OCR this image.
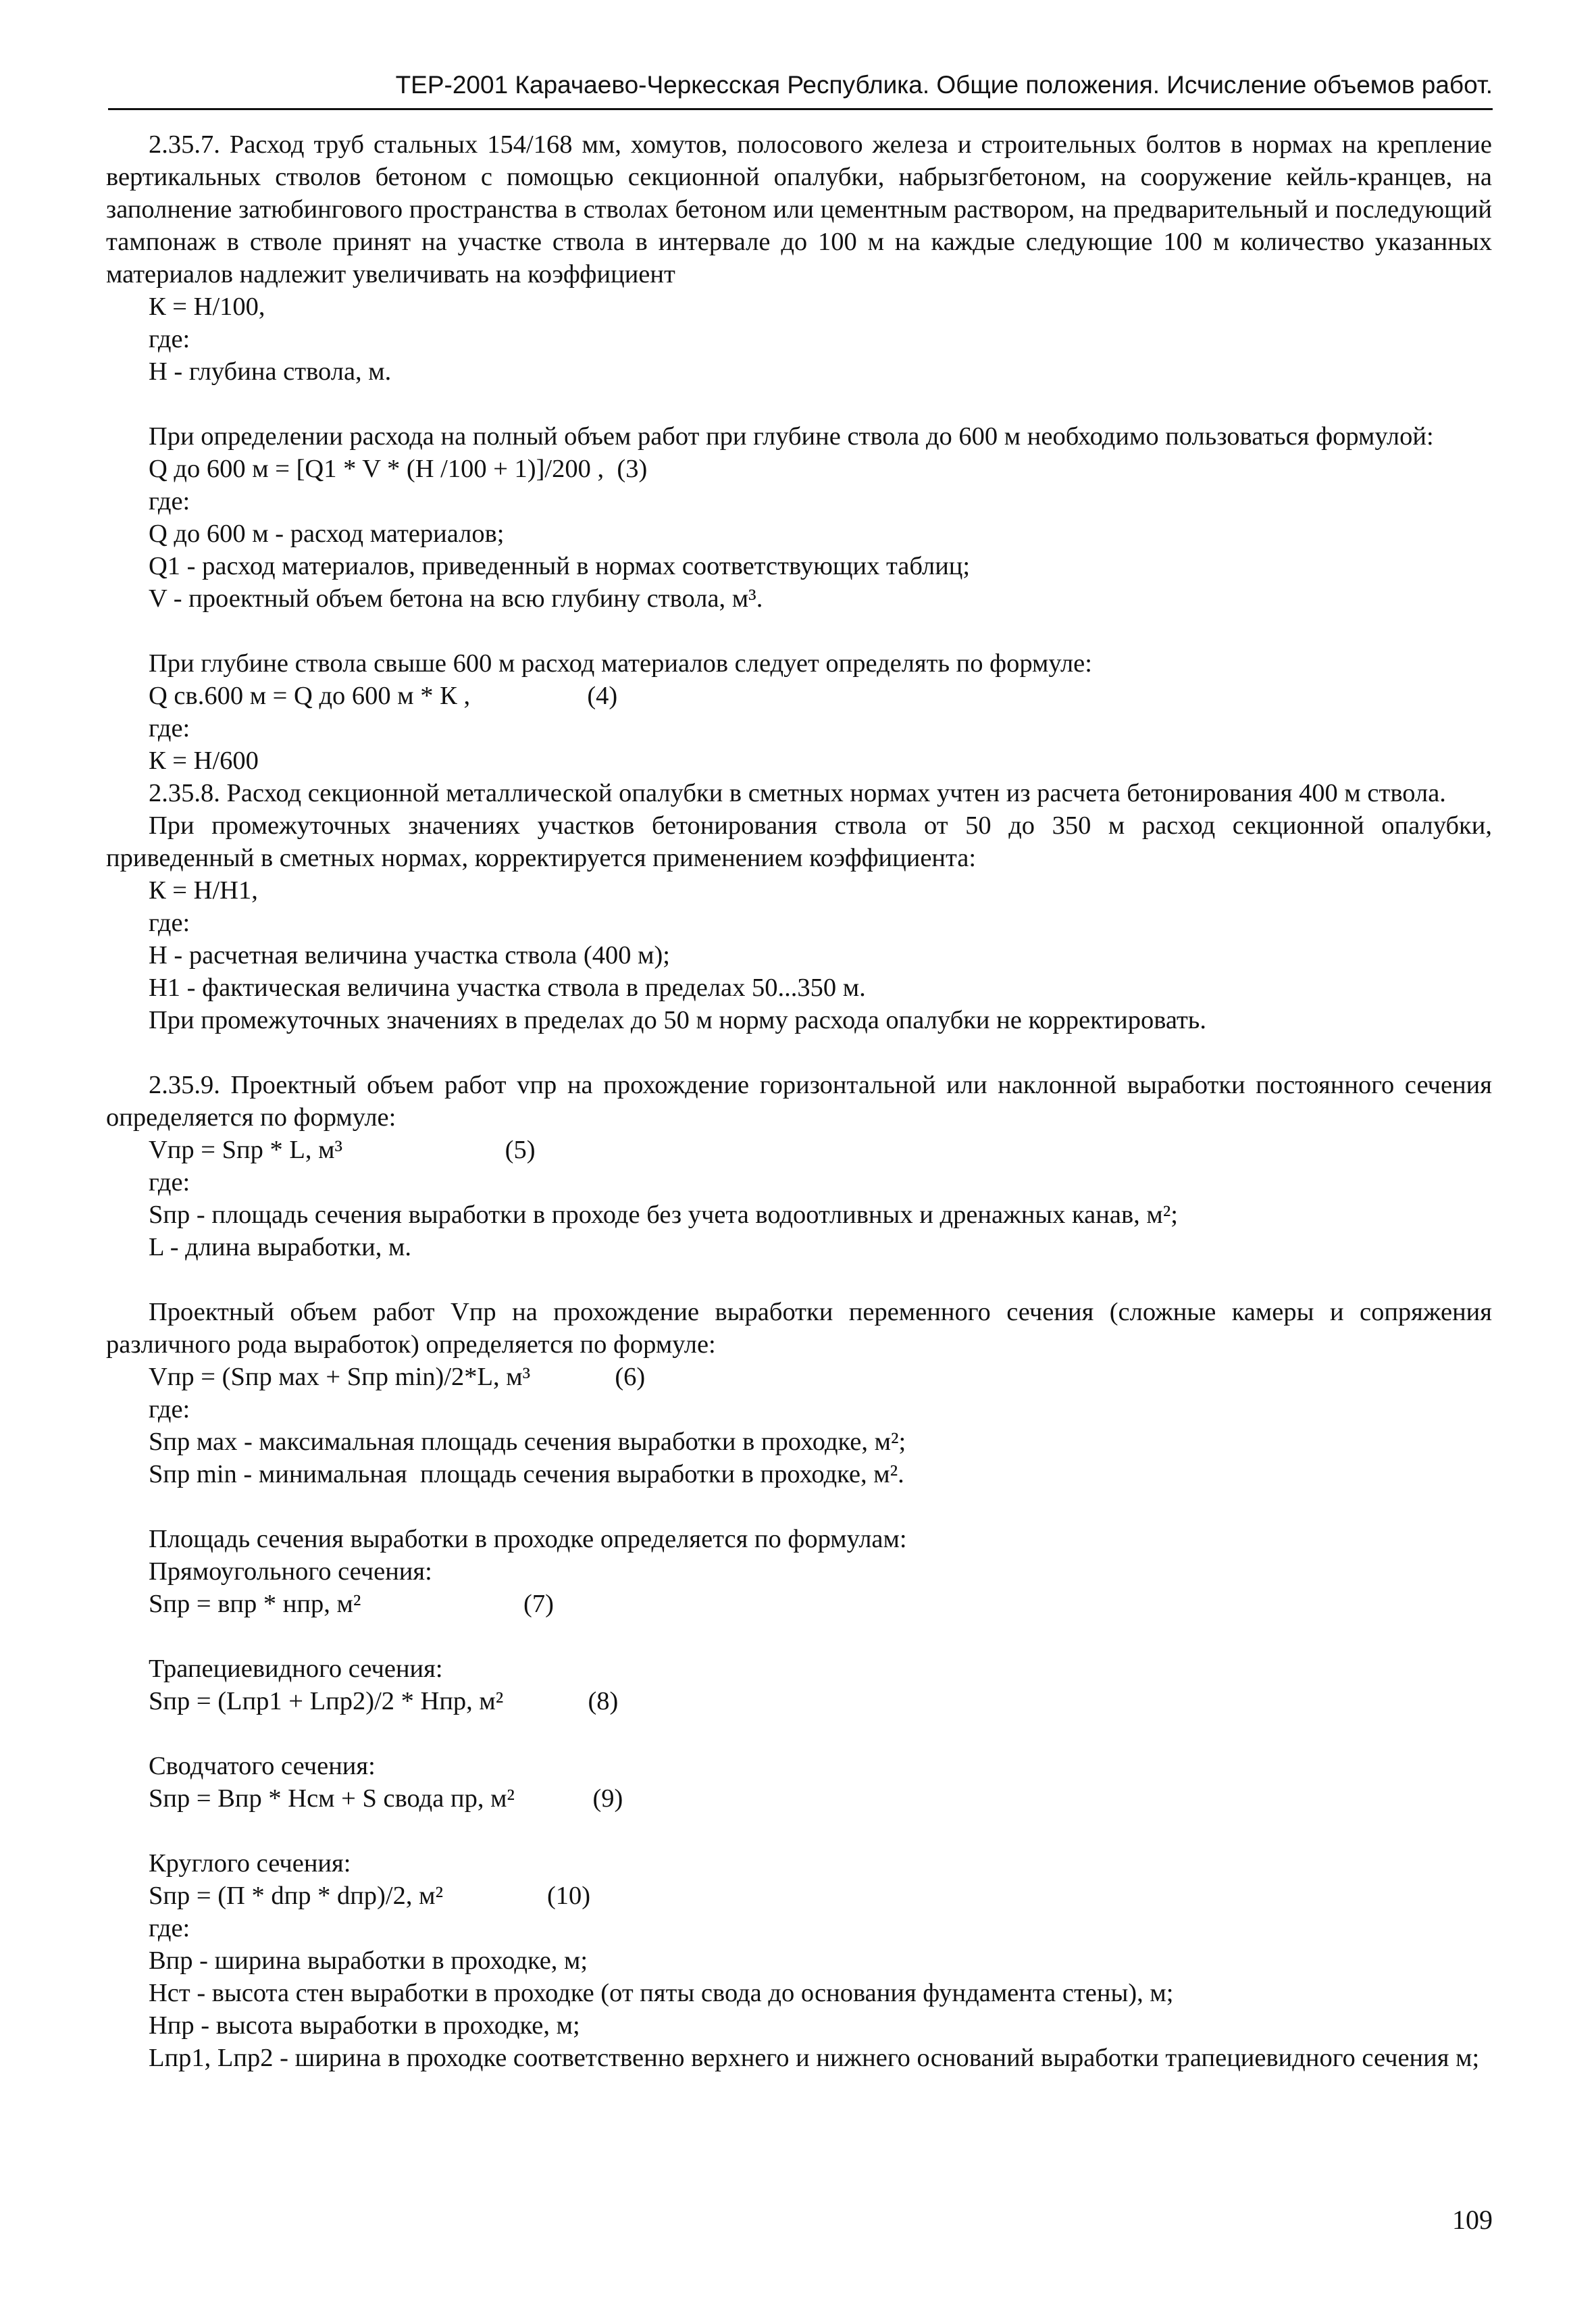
ТЕР-2001 Карачаево-Черкесская Республика. Общие положения. Исчисление объемов работ.

2.35.7. Расход труб стальных 154/168 мм, хомутов, полосового железа и строительных болтов в нормах на крепление вертикальных стволов бетоном с помощью секционной опалубки, набрызгбетоном, на сооружение кейль-кранцев, на заполнение затюбингового пространства в стволах бетоном или цементным раствором, на предварительный и последующий тампонаж в стволе принят на участке ствола в интервале до 100 м на каждые следующие 100 м количество указанных материалов надлежит увеличивать на коэффициент

К = Н/100,

где:

Н - глубина ствола, м.

При определении расхода на полный объем работ при глубине ствола до 600 м необходимо пользоваться формулой:

Q до 600 м = [Q1 * V * (Н /100 + 1)]/200 ,  (3)

где:

Q до 600 м - расход материалов;

Q1 - расход материалов, приведенный в нормах соответствующих таблиц;

V - проектный объем бетона на всю глубину ствола, м³.

При глубине ствола свыше 600 м расход материалов следует определять по формуле:

Q св.600 м = Q до 600 м * К ,                  (4)

где:

К = Н/600

2.35.8. Расход секционной металлической опалубки в сметных нормах учтен из расчета бетонирования 400 м ствола.

При промежуточных значениях участков бетонирования ствола от 50 до 350 м расход секционной опалубки, приведенный в сметных нормах, корректируется применением коэффициента:

К = Н/Н1,

где:

Н - расчетная величина участка ствола (400 м);

Н1 - фактическая величина участка ствола в пределах 50...350 м.

При промежуточных значениях в пределах до 50 м норму расхода опалубки не корректировать.

2.35.9. Проектный объем работ vпр на прохождение горизонтальной или наклонной выработки постоянного сечения определяется по формуле:

Vпр = Sпр * L, м³                         (5)

где:

Sпр - площадь сечения выработки в проходе без учета водоотливных и дренажных канав, м²;

L - длина выработки, м.

Проектный объем работ Vпр на прохождение выработки переменного сечения (сложные камеры и сопряжения различного рода выработок) определяется по формуле:

Vпр = (Sпр мах + Sпр min)/2*L, м³             (6)

где:

Sпр мах - максимальная площадь сечения выработки в проходке, м²;

Sпр min - минимальная  площадь сечения выработки в проходке, м².

Площадь сечения выработки в проходке определяется по формулам:

Прямоугольного сечения:

Sпр = впр * нпр, м²                         (7)

Трапециевидного сечения:

Sпр = (Lпр1 + Lпр2)/2 * Нпр, м²             (8)

Сводчатого сечения:

Sпр = Впр * Нсм + S свода пр, м²            (9)

Круглого сечения:

Sпр = (П * dпр * dпр)/2, м²                (10)

где:

Впр - ширина выработки в проходке, м;

Нст - высота стен выработки в проходке (от пяты свода до основания фундамента стены), м;

Нпр - высота выработки в проходке, м;

Lпр1, Lпр2 - ширина в проходке соответственно верхнего и нижнего оснований выработки трапециевидного сечения м;

109
